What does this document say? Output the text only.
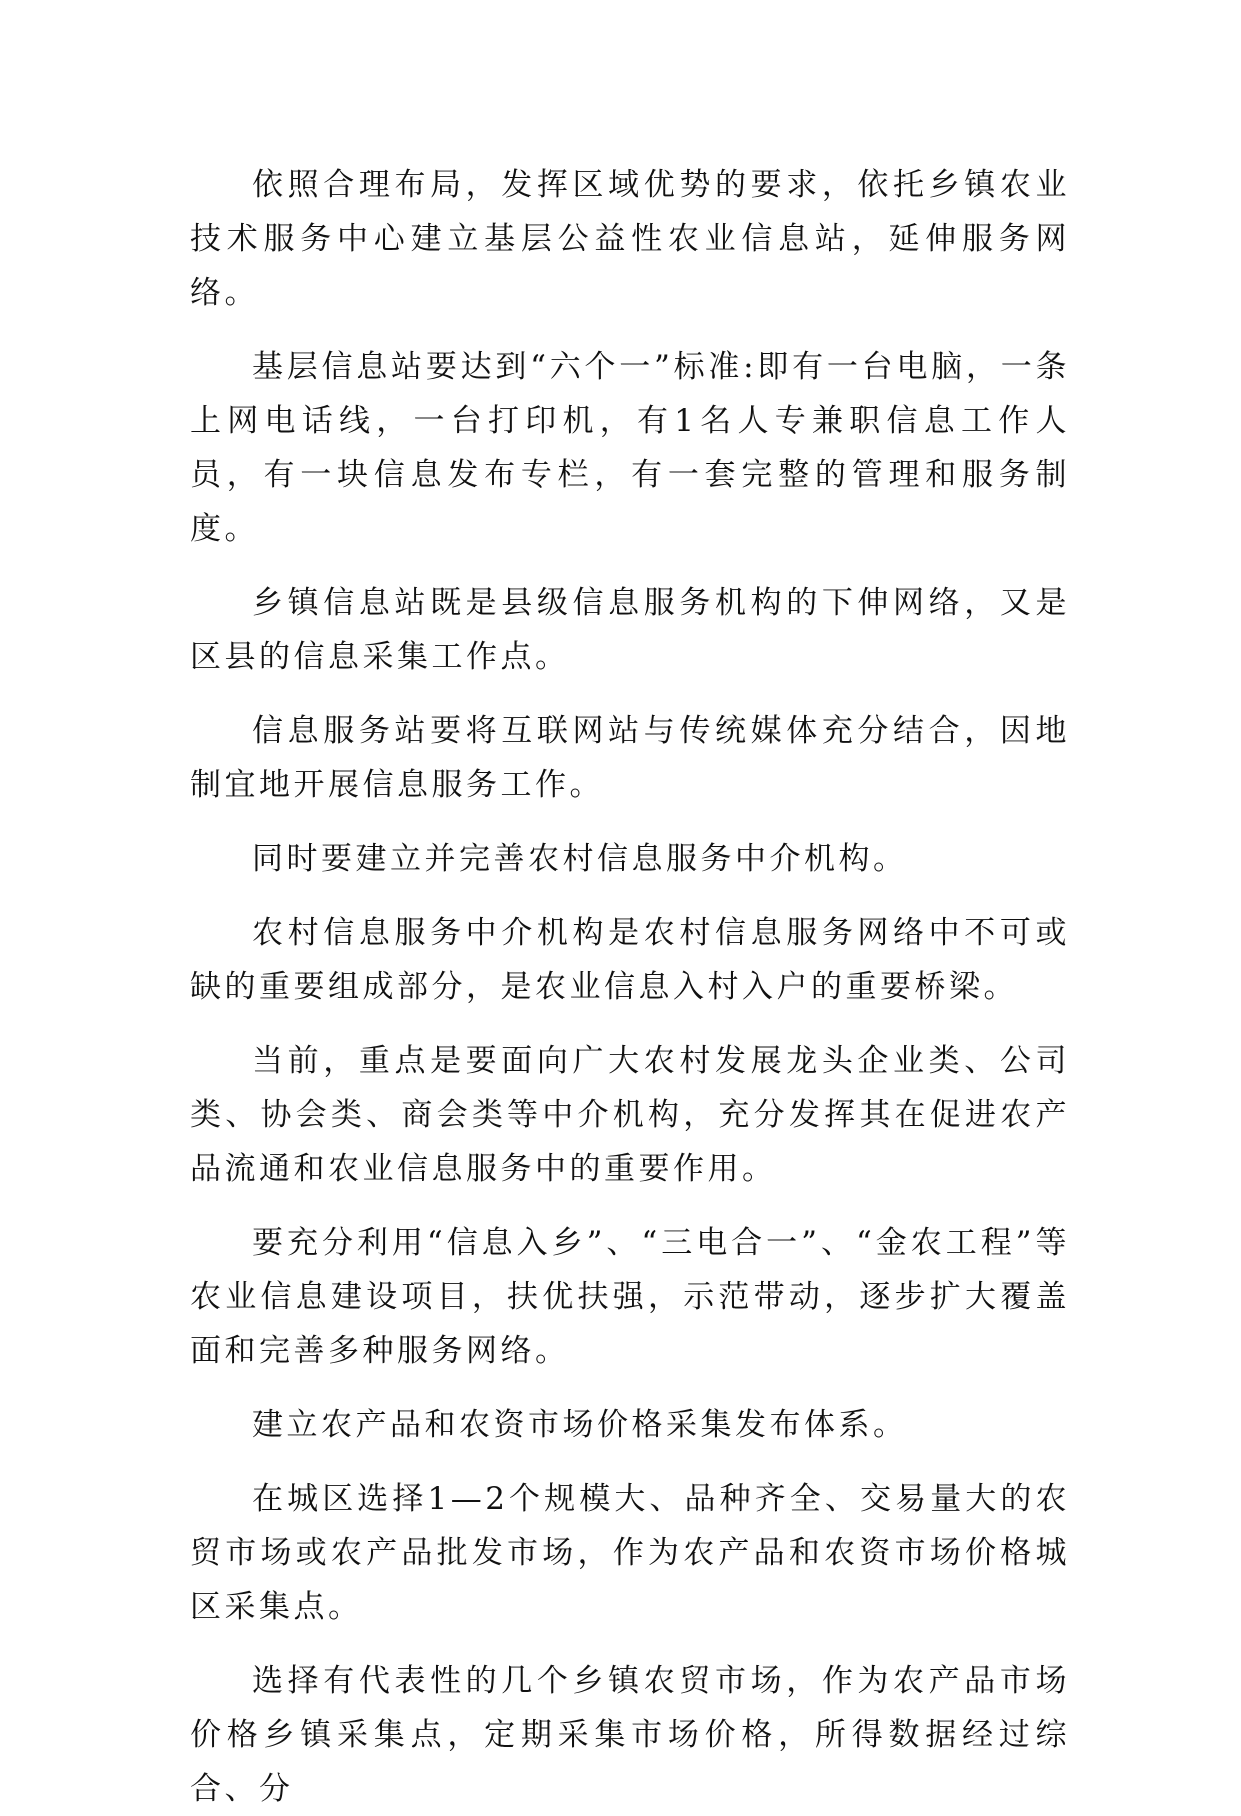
依照合理布局，发挥区域优势的要求，依托乡镇农业技术服务中心建立基层公益性农业信息站，延伸服务网络。

基层信息站要达到“六个一”标准:即有一台电脑，一条上网电话线，一台打印机，有1名人专兼职信息工作人员，有一块信息发布专栏，有一套完整的管理和服务制度。

乡镇信息站既是县级信息服务机构的下伸网络，又是区县的信息采集工作点。

信息服务站要将互联网站与传统媒体充分结合，因地制宜地开展信息服务工作。

同时要建立并完善农村信息服务中介机构。

农村信息服务中介机构是农村信息服务网络中不可或缺的重要组成部分，是农业信息入村入户的重要桥梁。

当前，重点是要面向广大农村发展龙头企业类、公司类、协会类、商会类等中介机构，充分发挥其在促进农产品流通和农业信息服务中的重要作用。

要充分利用“信息入乡”、“三电合一”、“金农工程”等农业信息建设项目，扶优扶强，示范带动，逐步扩大覆盖面和完善多种服务网络。

建立农产品和农资市场价格采集发布体系。

在城区选择1—2个规模大、品种齐全、交易量大的农贸市场或农产品批发市场，作为农产品和农资市场价格城区采集点。

选择有代表性的几个乡镇农贸市场，作为农产品市场价格乡镇采集点，定期采集市场价格，所得数据经过综合、分
